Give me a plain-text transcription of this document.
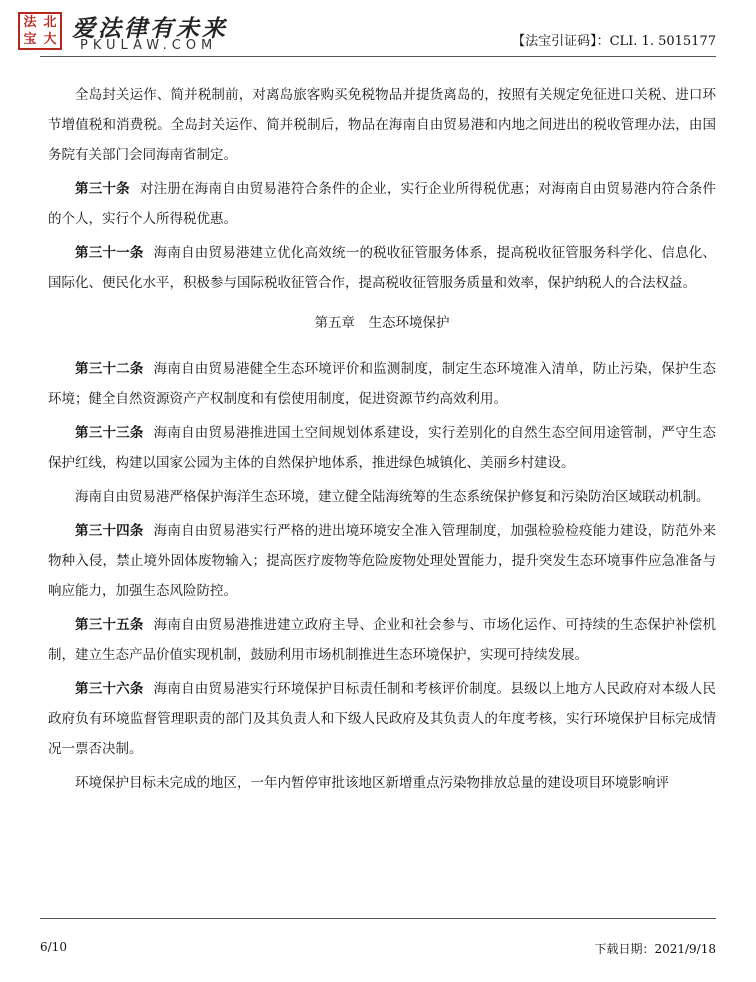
法 北
宝 大 爱法律有未来
PKULAW.COM	【法宝引证码】：CLI. 1. 5015177

全岛封关运作、简并税制前，对离岛旅客购买免税物品并提货离岛的，按照有关规定免征进口关税、进口环节增值税和消费税。全岛封关运作、简并税制后，物品在海南自由贸易港和内地之间进出的税收管理办法，由国务院有关部门会同海南省制定。

第三十条 对注册在海南自由贸易港符合条件的企业，实行企业所得税优惠；对海南自由贸易港内符合条件的个人，实行个人所得税优惠。

第三十一条 海南自由贸易港建立优化高效统一的税收征管服务体系，提高税收征管服务科学化、信息化、国际化、便民化水平，积极参与国际税收征管合作，提高税收征管服务质量和效率，保护纳税人的合法权益。

第五章　生态环境保护

第三十二条 海南自由贸易港健全生态环境评价和监测制度，制定生态环境准入清单，防止污染，保护生态环境；健全自然资源资产产权制度和有偿使用制度，促进资源节约高效利用。

第三十三条 海南自由贸易港推进国土空间规划体系建设，实行差别化的自然生态空间用途管制，严守生态保护红线，构建以国家公园为主体的自然保护地体系，推进绿色城镇化、美丽乡村建设。

海南自由贸易港严格保护海洋生态环境，建立健全陆海统筹的生态系统保护修复和污染防治区域联动机制。

第三十四条 海南自由贸易港实行严格的进出境环境安全准入管理制度，加强检验检疫能力建设，防范外来物种入侵，禁止境外固体废物输入；提高医疗废物等危险废物处理处置能力，提升突发生态环境事件应急准备与响应能力，加强生态风险防控。

第三十五条 海南自由贸易港推进建立政府主导、企业和社会参与、市场化运作、可持续的生态保护补偿机制，建立生态产品价值实现机制，鼓励利用市场机制推进生态环境保护，实现可持续发展。

第三十六条 海南自由贸易港实行环境保护目标责任制和考核评价制度。县级以上地方人民政府对本级人民政府负有环境监督管理职责的部门及其负责人和下级人民政府及其负责人的年度考核，实行环境保护目标完成情况一票否决制。

环境保护目标未完成的地区，一年内暂停审批该地区新增重点污染物排放总量的建设项目环境影响评

6/10	下载日期：2021/9/18
